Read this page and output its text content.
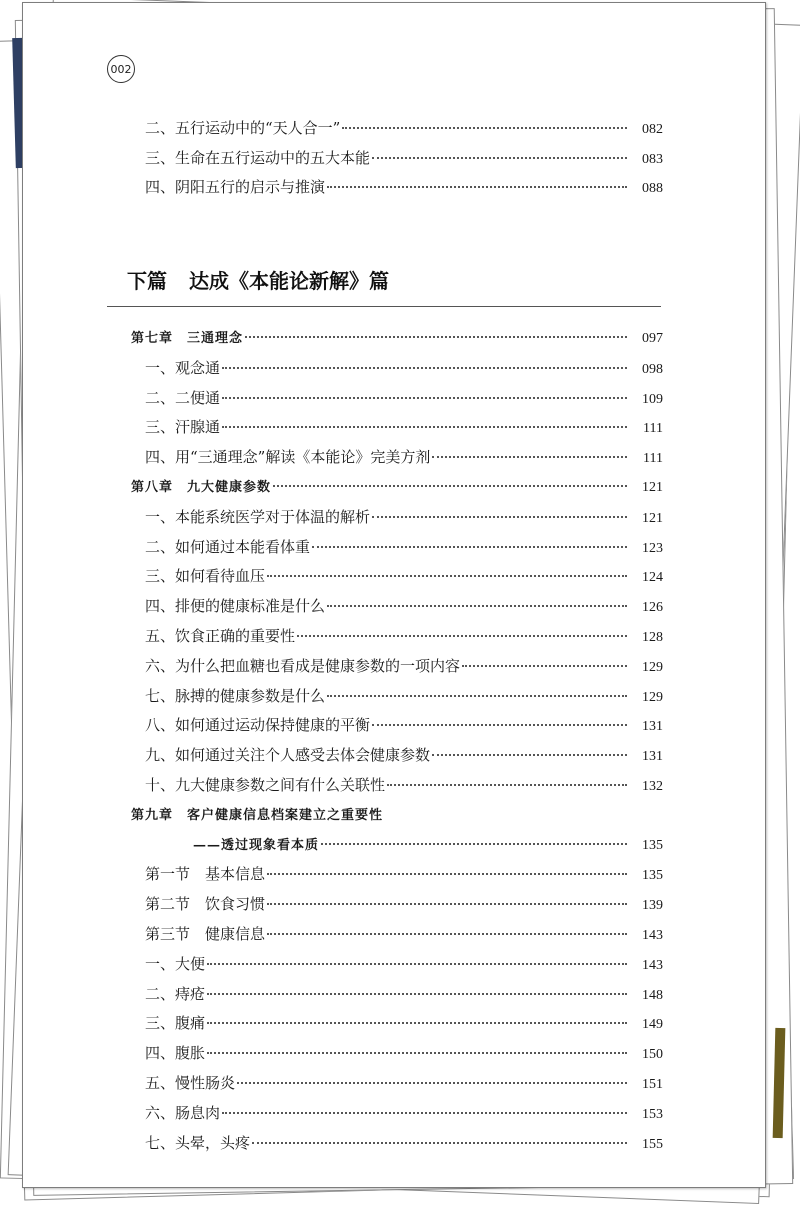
002
二、五行运动中的“天人合一”	082
三、生命在五行运动中的五大本能	083
四、阴阳五行的启示与推演	088
下篇 达成《本能论新解》篇
第七章　三通理念	097
一、观念通	098
二、二便通	109
三、汗腺通	111
四、用“三通理念”解读《本能论》完美方剂	111
第八章　九大健康参数	121
一、本能系统医学对于体温的解析	121
二、如何通过本能看体重	123
三、如何看待血压	124
四、排便的健康标准是什么	126
五、饮食正确的重要性	128
六、为什么把血糖也看成是健康参数的一项内容	129
七、脉搏的健康参数是什么	129
八、如何通过运动保持健康的平衡	131
九、如何通过关注个人感受去体会健康参数	131
十、九大健康参数之间有什么关联性	132
第九章　客户健康信息档案建立之重要性
——透过现象看本质	135
第一节　基本信息	135
第二节　饮食习惯	139
第三节　健康信息	143
一、大便	143
二、痔疮	148
三、腹痛	149
四、腹胀	150
五、慢性肠炎	151
六、肠息肉	153
七、头晕，头疼	155
